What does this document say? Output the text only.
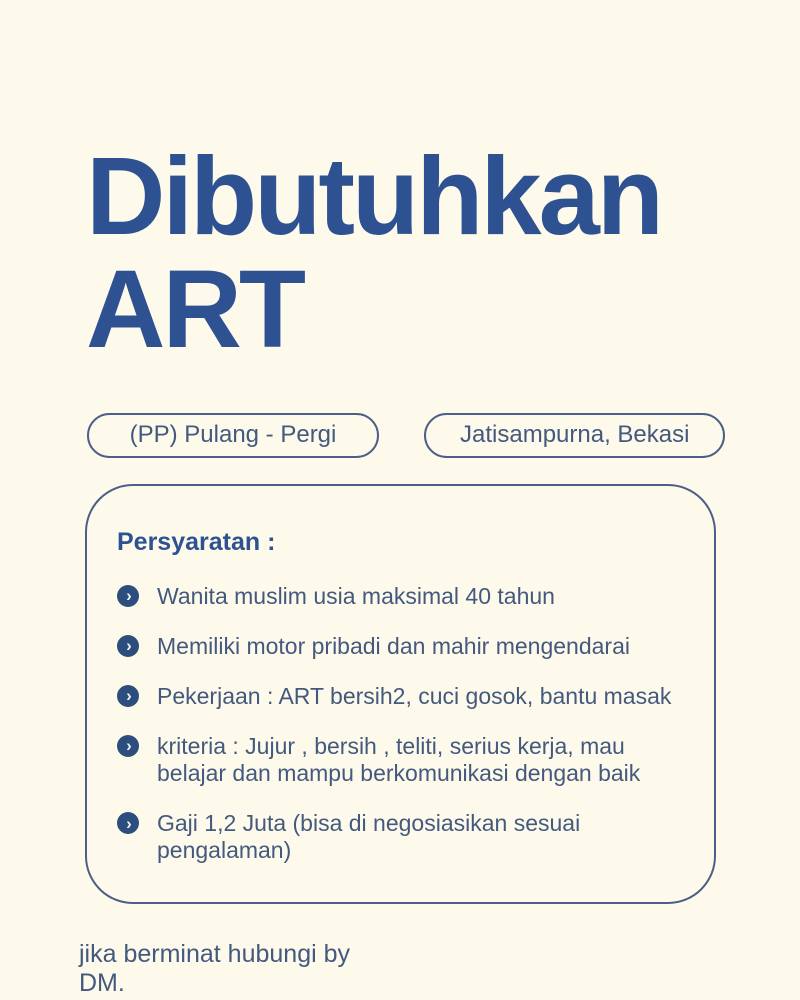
Dibutuhkan
ART
(PP) Pulang - Pergi	Jatisampurna, Bekasi
Persyaratan :
›	Wanita muslim usia maksimal 40 tahun
›	Memiliki motor pribadi dan mahir mengendarai
›	Pekerjaan : ART bersih2, cuci gosok, bantu masak
›	kriteria : Jujur , bersih , teliti, serius kerja, mau belajar dan mampu berkomunikasi dengan baik
›	Gaji 1,2 Juta (bisa di negosiasikan sesuai pengalaman)
jika berminat hubungi by
DM.
